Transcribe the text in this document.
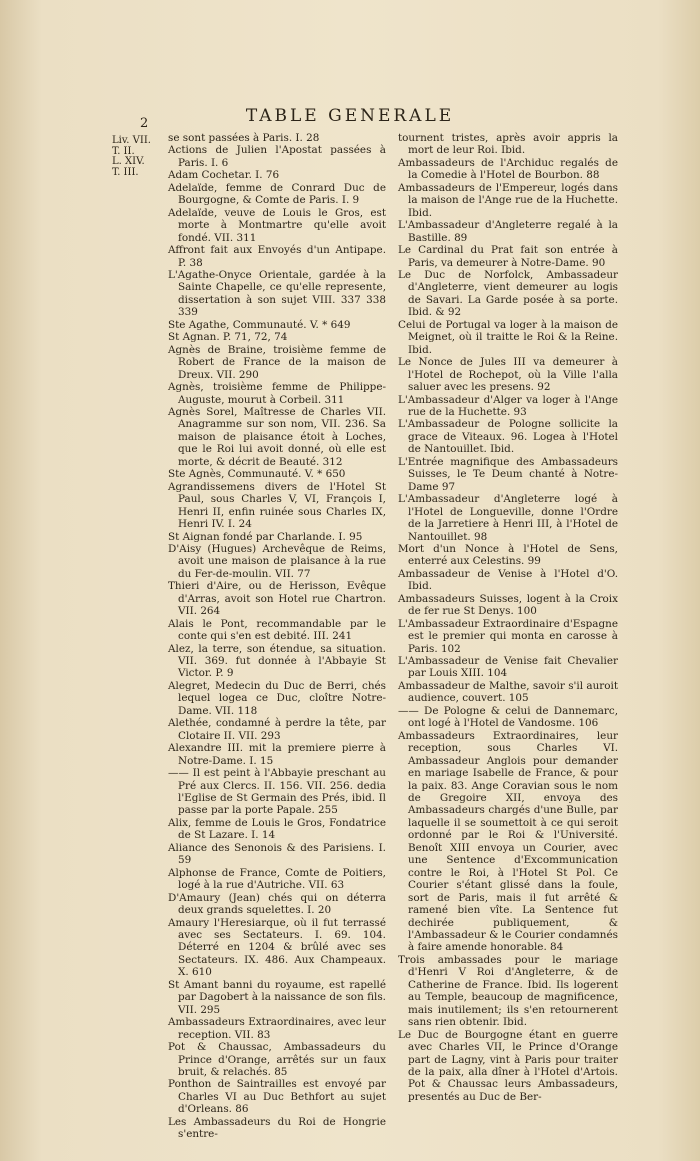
2	TABLE GENERALE
Liv. VII.
T. II.
L. XIV.
T. III.
se sont passées à Paris. I. 28
Actions de Julien l'Apostat passées à Paris. I. 6
Adam Cochetar. I. 76
Adelaïde, femme de Conrard Duc de Bourgogne, & Comte de Paris. I. 9
Adelaïde, veuve de Louis le Gros, est morte à Montmartre qu'elle avoit fondé. VII. 311
Affront fait aux Envoyés d'un Antipape. P. 38
L'Agathe-Onyce Orientale, gardée à la Sainte Chapelle, ce qu'elle represente, dissertation à son sujet VIII. 337 338 339
Ste Agathe, Communauté. V. * 649
St Agnan. P. 71, 72, 74
Agnès de Braine, troisième femme de Robert de France de la maison de Dreux. VII. 290
Agnès, troisième femme de Philippe-Auguste, mourut à Corbeil. 311
Agnès Sorel, Maîtresse de Charles VII. Anagramme sur son nom, VII. 236. Sa maison de plaisance étoit à Loches, que le Roi lui avoit donné, où elle est morte, & décrit de Beauté. 312
Ste Agnès, Communauté. V. * 650
Agrandissemens divers de l'Hotel St Paul, sous Charles V, VI, François I, Henri II, enfin ruinée sous Charles IX, Henri IV. I. 24
St Aignan fondé par Charlande. I. 95
D'Aisy (Hugues) Archevêque de Reims, avoit une maison de plaisance à la rue du Fer-de-moulin. VII. 77
Thieri d'Aire, ou de Herisson, Evêque d'Arras, avoit son Hotel rue Chartron. VII. 264
Alais le Pont, recommandable par le conte qui s'en est debité. III. 241
Alez, la terre, son étendue, sa situation. VII. 369. fut donnée à l'Abbayie St Victor. P. 9
Alegret, Medecin du Duc de Berri, chés lequel logea ce Duc, cloître Notre-Dame. VII. 118
Alethée, condamné à perdre la tête, par Clotaire II. VII. 293
Alexandre III. mit la premiere pierre à Notre-Dame. I. 15
—— Il est peint à l'Abbayie preschant au Pré aux Clercs. II. 156. VII. 256. dedia l'Eglise de St Germain des Prés, ibid. Il passe par la porte Papale. 255
Alix, femme de Louis le Gros, Fondatrice de St Lazare. I. 14
Aliance des Senonois & des Parisiens. I. 59
Alphonse de France, Comte de Poitiers, logé à la rue d'Autriche. VII. 63
D'Amaury (Jean) chés qui on déterra deux grands squelettes. I. 20
Amaury l'Heresiarque, où il fut terrassé avec ses Sectateurs. I. 69. 104. Déterré en 1204 & brûlé avec ses Sectateurs. IX. 486. Aux Champeaux. X. 610
St Amant banni du royaume, est rapellé par Dagobert à la naissance de son fils. VII. 295
Ambassadeurs Extraordinaires, avec leur reception. VII. 83
Pot & Chaussac, Ambassadeurs du Prince d'Orange, arrêtés sur un faux bruit, & relachés. 85
Ponthon de Saintrailles est envoyé par Charles VI au Duc Bethfort au sujet d'Orleans. 86
Les Ambassadeurs du Roi de Hongrie s'entre-
tournent tristes, après avoir appris la mort de leur Roi. Ibid.
Ambassadeurs de l'Archiduc regalés de la Comedie à l'Hotel de Bourbon. 88
Ambassadeurs de l'Empereur, logés dans la maison de l'Ange rue de la Huchette. Ibid.
L'Ambassadeur d'Angleterre regalé à la Bastille. 89
Le Cardinal du Prat fait son entrée à Paris, va demeurer à Notre-Dame. 90
Le Duc de Norfolck, Ambassadeur d'Angleterre, vient demeurer au logis de Savari. La Garde posée à sa porte. Ibid. & 92
Celui de Portugal va loger à la maison de Meignet, où il traitte le Roi & la Reine. Ibid.
Le Nonce de Jules III va demeurer à l'Hotel de Rochepot, où la Ville l'alla saluer avec les presens. 92
L'Ambassadeur d'Alger va loger à l'Ange rue de la Huchette. 93
L'Ambassadeur de Pologne sollicite la grace de Viteaux. 96. Logea à l'Hotel de Nantouillet. Ibid.
L'Entrée magnifique des Ambassadeurs Suisses, le Te Deum chanté à Notre-Dame 97
L'Ambassadeur d'Angleterre logé à l'Hotel de Longueville, donne l'Ordre de la Jarretiere à Henri III, à l'Hotel de Nantouillet. 98
Mort d'un Nonce à l'Hotel de Sens, enterré aux Celestins. 99
Ambassadeur de Venise à l'Hotel d'O. Ibid.
Ambassadeurs Suisses, logent à la Croix de fer rue St Denys. 100
L'Ambassadeur Extraordinaire d'Espagne est le premier qui monta en carosse à Paris. 102
L'Ambassadeur de Venise fait Chevalier par Louis XIII. 104
Ambassadeur de Malthe, savoir s'il auroit audience, couvert. 105
—— De Pologne & celui de Dannemarc, ont logé à l'Hotel de Vandosme. 106
Ambassadeurs Extraordinaires, leur reception, sous Charles VI. Ambassadeur Anglois pour demander en mariage Isabelle de France, & pour la paix. 83. Ange Coravian sous le nom de Gregoire XII, envoya des Ambassadeurs chargés d'une Bulle, par laquelle il se soumettoit à ce qui seroit ordonné par le Roi & l'Université. Benoît XIII envoya un Courier, avec une Sentence d'Excommunication contre le Roi, à l'Hotel St Pol. Ce Courier s'étant glissé dans la foule, sort de Paris, mais il fut arrêté & ramené bien vîte. La Sentence fut dechirée publiquement, & l'Ambassadeur & le Courier condamnés à faire amende honorable. 84
Trois ambassades pour le mariage d'Henri V Roi d'Angleterre, & de Catherine de France. Ibid. Ils logerent au Temple, beaucoup de magnificence, mais inutilement; ils s'en retournerent sans rien obtenir. Ibid.
Le Duc de Bourgogne étant en guerre avec Charles VII, le Prince d'Orange part de Lagny, vint à Paris pour traiter de la paix, alla dîner à l'Hotel d'Artois. Pot & Chaussac leurs Ambassadeurs, presentés au Duc de Ber-
